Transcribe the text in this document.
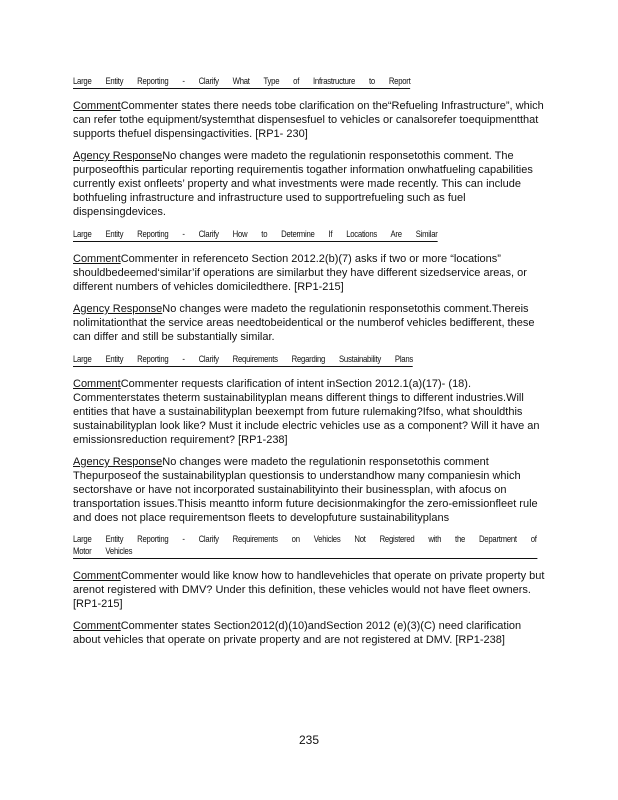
Large Entity Reporting - Clarify What Type of Infrastructure to Report

CommentCommenter states there needs tobe clarification on the“Refueling Infrastructure”, which can refer tothe equipment/systemthat dispensesfuel to vehicles or canalsorefer toequipmentthat supports thefuel dispensingactivities. [RP1- 230]

Agency ResponseNo changes were madeto the regulationin responsetothis comment. The purposeofthis particular reporting requirementis togather information onwhatfueling capabilities currently exist onfleets’ property and what investments were made recently. This can include bothfueling infrastructure and infrastructure used to supportrefueling such as fuel dispensingdevices.

Large Entity Reporting - Clarify How to Determine If Locations Are Similar

CommentCommenter in referenceto Section 2012.2(b)(7) asks if two or more “locations” shouldbedeemed‘similar’if operations are similarbut they have different sizedservice areas, or different numbers of vehicles domiciledthere. [RP1-215]

Agency ResponseNo changes were madeto the regulationin responsetothis comment.Thereis nolimitationthat the service areas needtobeidentical or the numberof vehicles bedifferent, these can differ and still be substantially similar.

Large Entity Reporting - Clarify Requirements Regarding Sustainability Plans

CommentCommenter requests clarification of intent inSection 2012.1(a)(17)- (18). Commenterstates theterm sustainabilityplan means different things to different industries.Will entities that have a sustainabilityplan beexempt from future rulemaking?Ifso, what shouldthis sustainabilityplan look like? Must it include electric vehicles use as a component? Will it have an emissionsreduction requirement? [RP1-238]

Agency ResponseNo changes were madeto the regulationin responsetothis comment Thepurposeof the sustainabilityplan questionsis to understandhow many companiesin which sectorshave or have not incorporated sustainabilityinto their businessplan, with afocus on transportation issues.Thisis meantto inform future decisionmakingfor the zero-emissionfleet rule and does not place requirementson fleets to developfuture sustainabilityplans

Large Entity Reporting - Clarify Requirements on Vehicles Not Registered with the Department of Motor Vehicles

CommentCommenter would like know how to handlevehicles that operate on private property but arenot registered with DMV? Under this definition, these vehicles would not have fleet owners. [RP1-215]

CommentCommenter states Section2012(d)(10)andSection 2012 (e)(3)(C) need clarification about vehicles that operate on private property and are not registered at DMV. [RP1-238]

235
